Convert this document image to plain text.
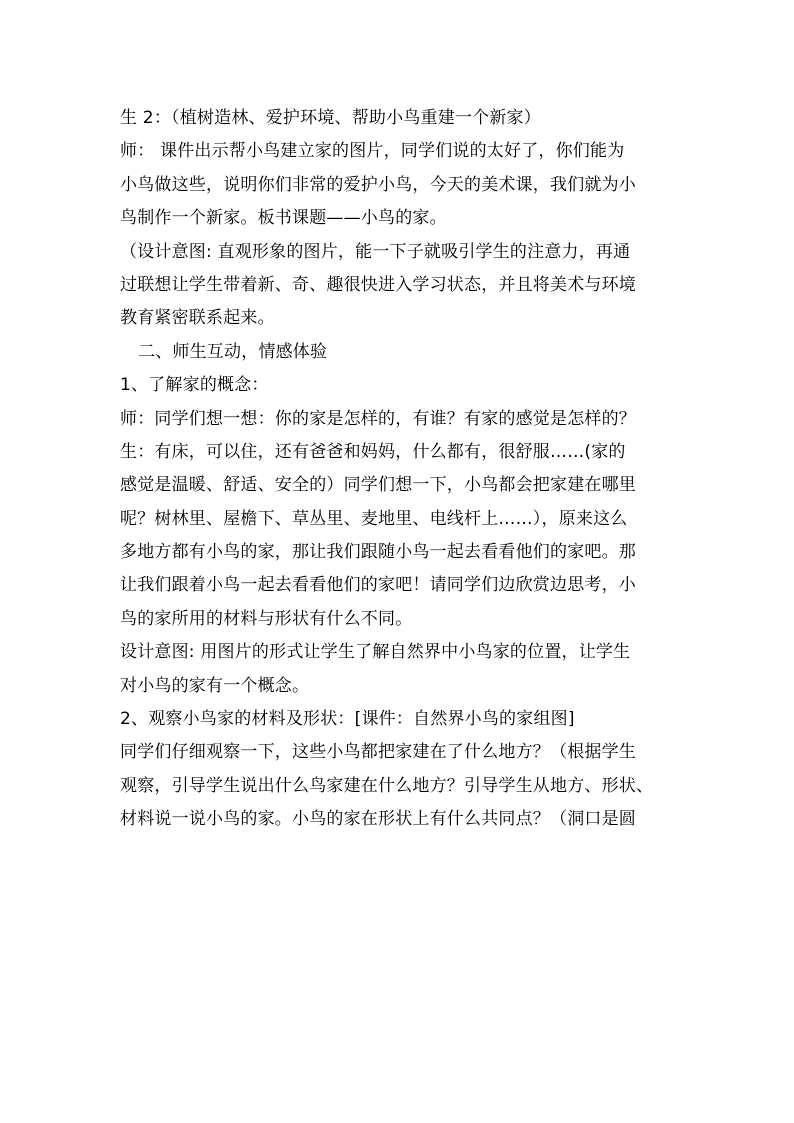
生 2：（植树造林、爱护环境、帮助小鸟重建一个新家）
师： 课件出示帮小鸟建立家的图片，同学们说的太好了，你们能为
小鸟做这些，说明你们非常的爱护小鸟，今天的美术课，我们就为小
鸟制作一个新家。板书课题——小鸟的家。
（设计意图: 直观形象的图片，能一下子就吸引学生的注意力，再通
过联想让学生带着新、奇、趣很快进入学习状态，并且将美术与环境
教育紧密联系起来。
二、师生互动，情感体验
1、了解家的概念：
师：同学们想一想：你的家是怎样的，有谁？有家的感觉是怎样的？
生：有床，可以住，还有爸爸和妈妈，什么都有，很舒服……(家的
感觉是温暖、舒适、安全的）同学们想一下，小鸟都会把家建在哪里
呢？树林里、屋檐下、草丛里、麦地里、电线杆上……），原来这么
多地方都有小鸟的家，那让我们跟随小鸟一起去看看他们的家吧。那
让我们跟着小鸟一起去看看他们的家吧！请同学们边欣赏边思考，小
鸟的家所用的材料与形状有什么不同。
设计意图: 用图片的形式让学生了解自然界中小鸟家的位置，让学生
对小鸟的家有一个概念。
2、观察小鸟家的材料及形状：[课件：自然界小鸟的家组图]
同学们仔细观察一下，这些小鸟都把家建在了什么地方？（根据学生
观察，引导学生说出什么鸟家建在什么地方？引导学生从地方、形状、
材料说一说小鸟的家。小鸟的家在形状上有什么共同点？（洞口是圆
